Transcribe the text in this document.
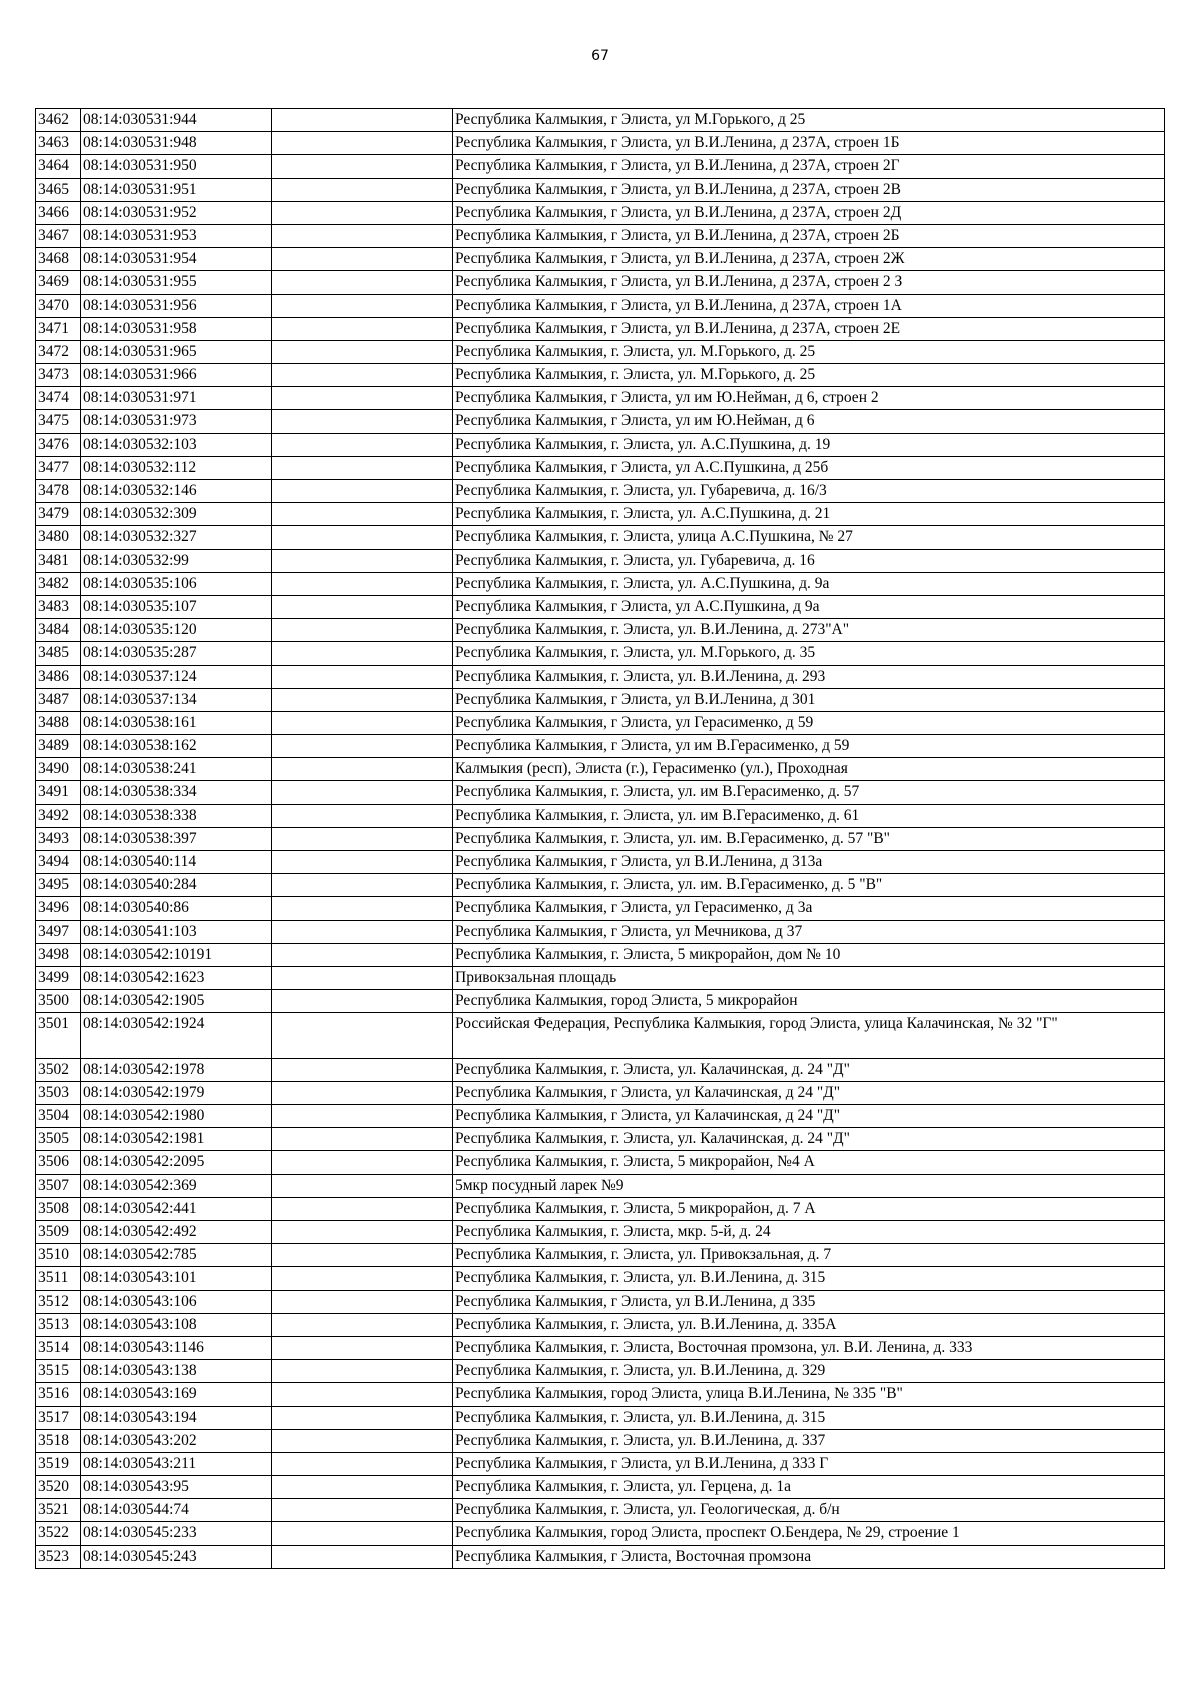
67
3462	08:14:030531:944		Республика Калмыкия, г Элиста, ул М.Горького, д 25
3463	08:14:030531:948		Республика Калмыкия, г Элиста, ул В.И.Ленина, д 237А, строен 1Б
3464	08:14:030531:950		Республика Калмыкия, г Элиста, ул В.И.Ленина, д 237А, строен 2Г
3465	08:14:030531:951		Республика Калмыкия, г Элиста, ул В.И.Ленина, д 237А, строен 2В
3466	08:14:030531:952		Республика Калмыкия, г Элиста, ул В.И.Ленина, д 237А, строен 2Д
3467	08:14:030531:953		Республика Калмыкия, г Элиста, ул В.И.Ленина, д 237А, строен 2Б
3468	08:14:030531:954		Республика Калмыкия, г Элиста, ул В.И.Ленина, д 237А, строен 2Ж
3469	08:14:030531:955		Республика Калмыкия, г Элиста, ул В.И.Ленина, д 237А, строен 2 З
3470	08:14:030531:956		Республика Калмыкия, г Элиста, ул В.И.Ленина, д 237А, строен 1А
3471	08:14:030531:958		Республика Калмыкия, г Элиста, ул В.И.Ленина, д 237А, строен 2Е
3472	08:14:030531:965		Республика Калмыкия, г. Элиста, ул. М.Горького, д. 25
3473	08:14:030531:966		Республика Калмыкия, г. Элиста, ул. М.Горького, д. 25
3474	08:14:030531:971		Республика Калмыкия, г Элиста, ул им Ю.Нейман, д 6, строен 2
3475	08:14:030531:973		Республика Калмыкия, г Элиста, ул им Ю.Нейман, д 6
3476	08:14:030532:103		Республика Калмыкия, г. Элиста, ул. А.С.Пушкина, д. 19
3477	08:14:030532:112		Республика Калмыкия, г Элиста, ул А.С.Пушкина, д 25б
3478	08:14:030532:146		Республика Калмыкия, г. Элиста, ул. Губаревича, д. 16/3
3479	08:14:030532:309		Республика Калмыкия, г. Элиста, ул. А.С.Пушкина, д. 21
3480	08:14:030532:327		Республика Калмыкия, г. Элиста, улица А.С.Пушкина, № 27
3481	08:14:030532:99		Республика Калмыкия, г. Элиста, ул. Губаревича, д. 16
3482	08:14:030535:106		Республика Калмыкия, г. Элиста, ул. А.С.Пушкина, д. 9а
3483	08:14:030535:107		Республика Калмыкия, г Элиста, ул А.С.Пушкина, д 9а
3484	08:14:030535:120		Республика Калмыкия, г. Элиста, ул. В.И.Ленина, д. 273"А"
3485	08:14:030535:287		Республика Калмыкия, г. Элиста, ул. М.Горького, д. 35
3486	08:14:030537:124		Республика Калмыкия, г. Элиста, ул. В.И.Ленина, д. 293
3487	08:14:030537:134		Республика Калмыкия, г Элиста, ул В.И.Ленина, д 301
3488	08:14:030538:161		Республика Калмыкия, г Элиста, ул Герасименко, д 59
3489	08:14:030538:162		Республика Калмыкия, г Элиста, ул им В.Герасименко, д 59
3490	08:14:030538:241		Калмыкия (респ), Элиста (г.), Герасименко (ул.), Проходная
3491	08:14:030538:334		Республика Калмыкия, г. Элиста, ул. им В.Герасименко, д. 57
3492	08:14:030538:338		Республика Калмыкия, г. Элиста, ул. им В.Герасименко, д. 61
3493	08:14:030538:397		Республика Калмыкия, г. Элиста, ул. им. В.Герасименко, д. 57 "В"
3494	08:14:030540:114		Республика Калмыкия, г Элиста, ул В.И.Ленина, д 313а
3495	08:14:030540:284		Республика Калмыкия, г. Элиста, ул. им. В.Герасименко, д. 5 "В"
3496	08:14:030540:86		Республика Калмыкия, г Элиста, ул Герасименко, д 3а
3497	08:14:030541:103		Республика Калмыкия, г Элиста, ул Мечникова, д 37
3498	08:14:030542:10191		Республика Калмыкия, г. Элиста, 5 микрорайон, дом № 10
3499	08:14:030542:1623		Привокзальная площадь
3500	08:14:030542:1905		Республика Калмыкия, город Элиста, 5 микрорайон
3501	08:14:030542:1924		Российская Федерация, Республика Калмыкия, город Элиста, улица Калачинская, № 32 "Г"
3502	08:14:030542:1978		Республика Калмыкия, г. Элиста, ул. Калачинская, д. 24 "Д"
3503	08:14:030542:1979		Республика Калмыкия, г Элиста, ул Калачинская, д 24 "Д"
3504	08:14:030542:1980		Республика Калмыкия, г Элиста, ул Калачинская, д 24 "Д"
3505	08:14:030542:1981		Республика Калмыкия, г. Элиста, ул. Калачинская, д. 24 "Д"
3506	08:14:030542:2095		Республика Калмыкия, г. Элиста, 5 микрорайон, №4 А
3507	08:14:030542:369		5мкр посудный ларек №9
3508	08:14:030542:441		Республика Калмыкия, г. Элиста, 5 микрорайон, д. 7 А
3509	08:14:030542:492		Республика Калмыкия, г. Элиста, мкр. 5-й, д. 24
3510	08:14:030542:785		Республика Калмыкия, г. Элиста, ул. Привокзальная, д. 7
3511	08:14:030543:101		Республика Калмыкия, г. Элиста, ул. В.И.Ленина, д. 315
3512	08:14:030543:106		Республика Калмыкия, г Элиста, ул В.И.Ленина, д 335
3513	08:14:030543:108		Республика Калмыкия, г. Элиста, ул. В.И.Ленина, д. 335А
3514	08:14:030543:1146		Республика Калмыкия, г. Элиста, Восточная промзона, ул. В.И. Ленина, д. 333
3515	08:14:030543:138		Республика Калмыкия, г. Элиста, ул. В.И.Ленина, д. 329
3516	08:14:030543:169		Республика Калмыкия, город Элиста, улица В.И.Ленина, № 335 "В"
3517	08:14:030543:194		Республика Калмыкия, г. Элиста, ул. В.И.Ленина, д. 315
3518	08:14:030543:202		Республика Калмыкия, г. Элиста, ул. В.И.Ленина, д. 337
3519	08:14:030543:211		Республика Калмыкия, г Элиста, ул В.И.Ленина, д 333 Г
3520	08:14:030543:95		Республика Калмыкия, г. Элиста, ул. Герцена, д. 1а
3521	08:14:030544:74		Республика Калмыкия, г. Элиста, ул. Геологическая, д. б/н
3522	08:14:030545:233		Республика Калмыкия, город Элиста, проспект О.Бендера, № 29, строение 1
3523	08:14:030545:243		Республика Калмыкия, г Элиста, Восточная промзона
